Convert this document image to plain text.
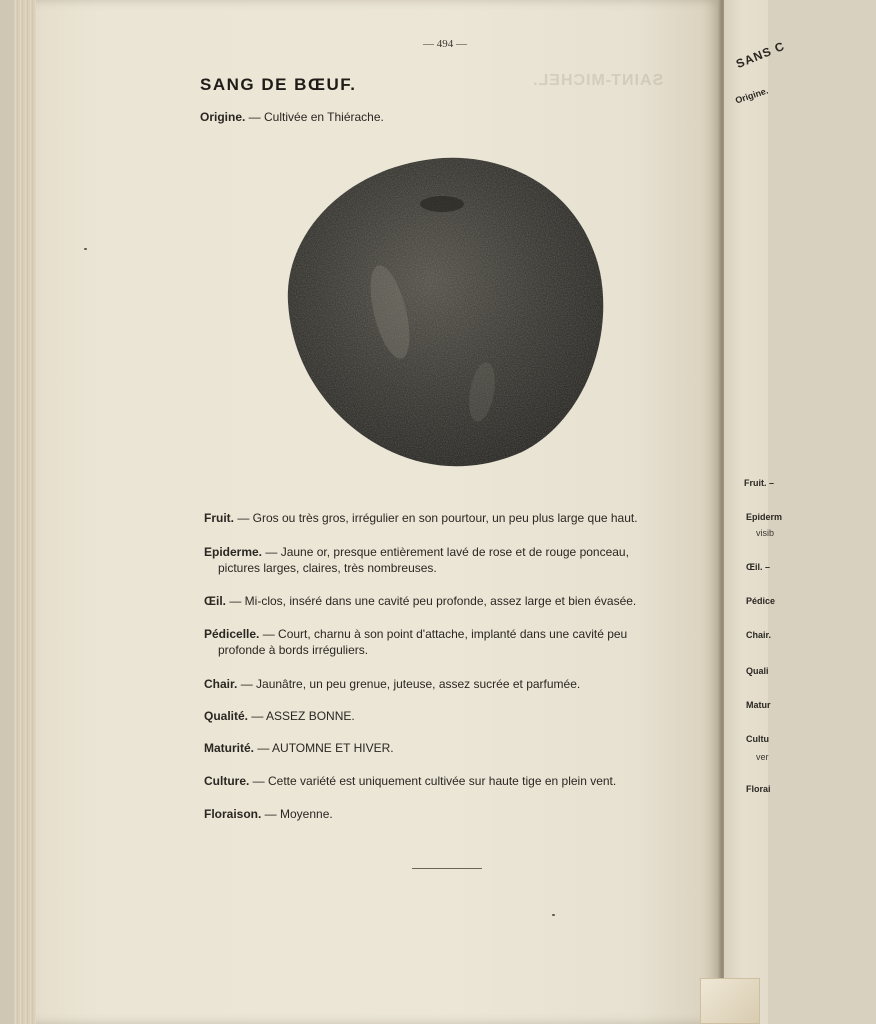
SAINT-MICHEL.
— 494 —
SANG DE BŒUF.
Origine. — Cultivée en Thiérache.
Fruit. — Gros ou très gros, irrégulier en son pourtour, un peu plus large que haut.
Epiderme. — Jaune or, presque entièrement lavé de rose et de rouge ponceau,
pictures larges, claires, très nombreuses.
Œil. — Mi-clos, inséré dans une cavité peu profonde, assez large et bien évasée.
Pédicelle. — Court, charnu à son point d'attache, implanté dans une cavité peu
profonde à bords irréguliers.
Chair. — Jaunâtre, un peu grenue, juteuse, assez sucrée et parfumée.
Qualité. — ASSEZ BONNE.
Maturité. — AUTOMNE ET HIVER.
Culture. — Cette variété est uniquement cultivée sur haute tige en plein vent.
Floraison. — Moyenne.
SANS C
Origine.
Fruit. –
Epiderm
visib
Œil. –
Pédice
Chair.
Quali
Matur
Cultu
ver
Florai
